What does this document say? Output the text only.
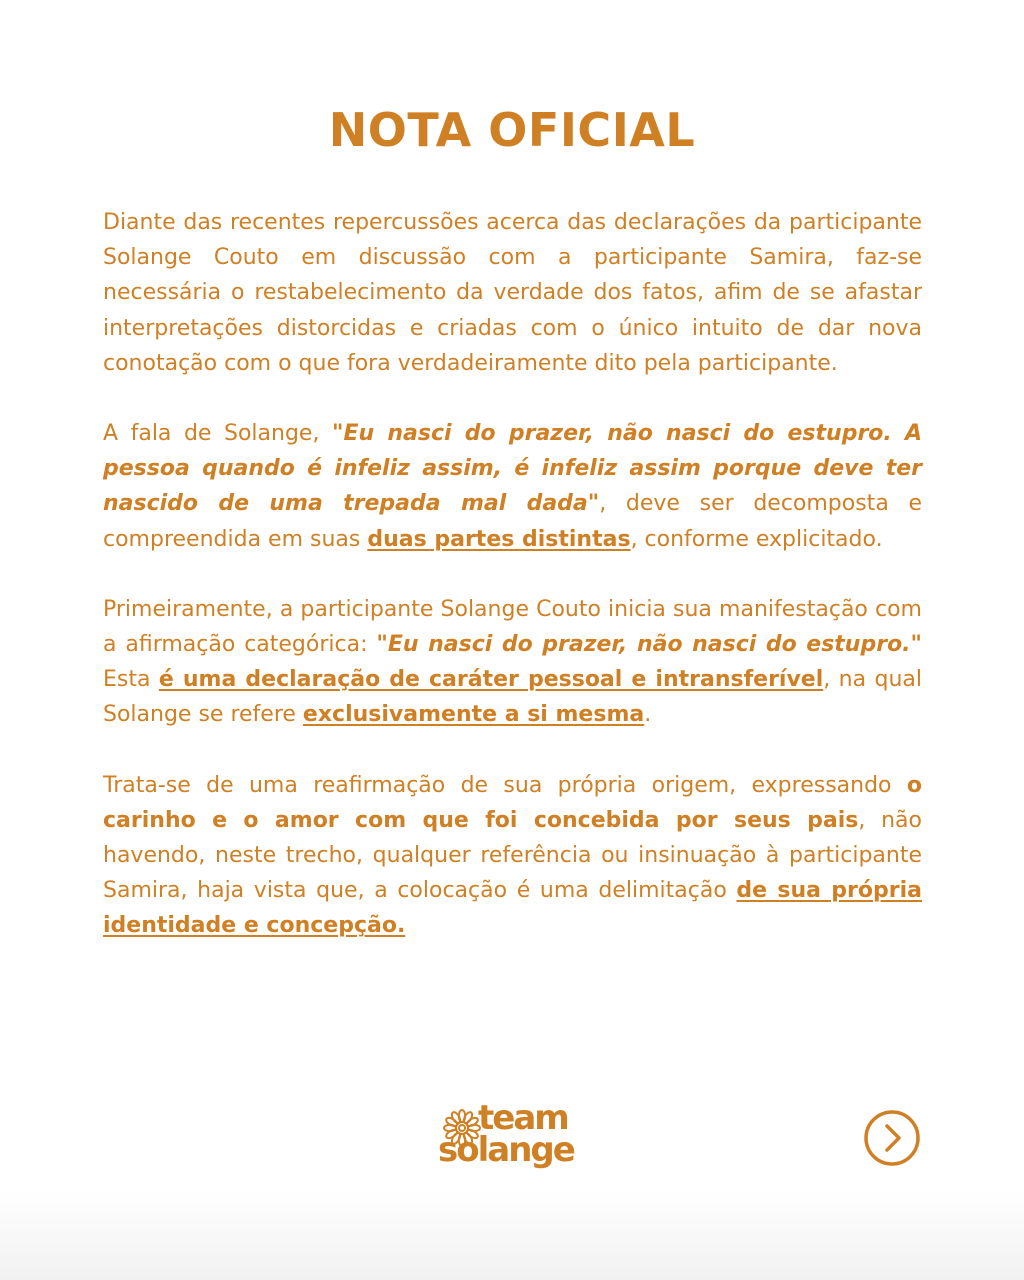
NOTA OFICIAL

Diante das recentes repercussões acerca das declarações da participante Solange Couto em discussão com a participante Samira, faz-se necessária o restabelecimento da verdade dos fatos, afim de se afastar interpretações distorcidas e criadas com o único intuito de dar nova conotação com o que fora verdadeiramente dito pela participante.

A fala de Solange, "Eu nasci do prazer, não nasci do estupro. A pessoa quando é infeliz assim, é infeliz assim porque deve ter nascido de uma trepada mal dada", deve ser decomposta e compreendida em suas duas partes distintas, conforme explicitado.

Primeiramente, a participante Solange Couto inicia sua manifestação com a afirmação categórica: "Eu nasci do prazer, não nasci do estupro." Esta é uma declaração de caráter pessoal e intransferível, na qual Solange se refere exclusivamente a si mesma.

Trata-se de uma reafirmação de sua própria origem, expressando o carinho e o amor com que foi concebida por seus pais, não havendo, neste trecho, qualquer referência ou insinuação à participante Samira, haja vista que, a colocação é uma delimitação de sua própria identidade e concepção.

team
solange
